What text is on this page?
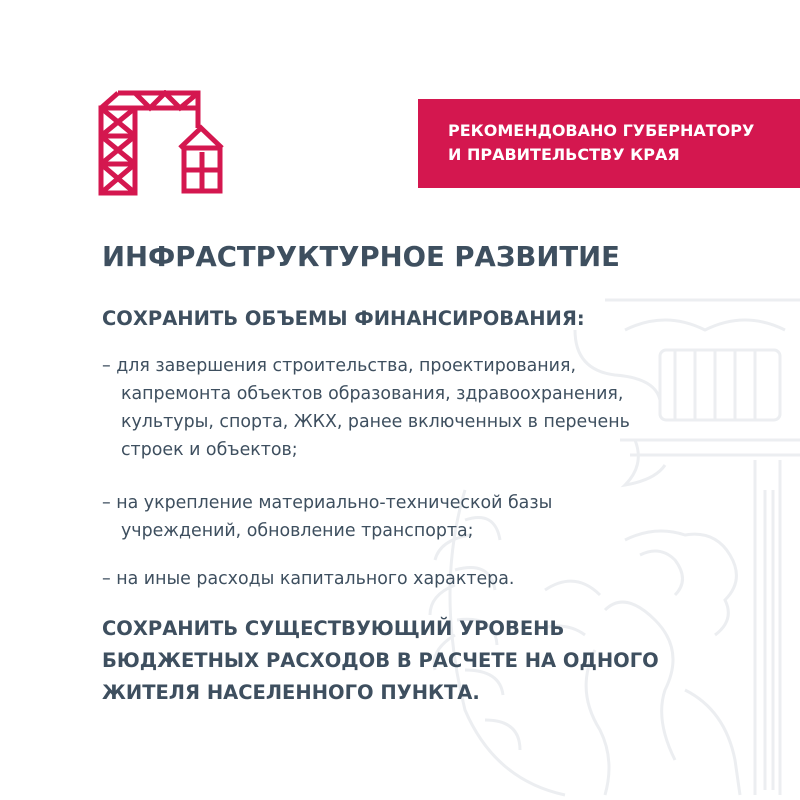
РЕКОМЕНДОВАНО ГУБЕРНАТОРУ
И ПРАВИТЕЛЬСТВУ КРАЯ
ИНФРАСТРУКТУРНОЕ РАЗВИТИЕ
СОХРАНИТЬ ОБЪЕМЫ ФИНАНСИРОВАНИЯ:
– для завершения строительства, проектирования,
капремонта объектов образования, здравоохранения,
культуры, спорта, ЖКХ, ранее включенных в перечень
строек и объектов;
– на укрепление материально-технической базы
учреждений, обновление транспорта;
– на иные расходы капитального характера.
СОХРАНИТЬ СУЩЕСТВУЮЩИЙ УРОВЕНЬ
БЮДЖЕТНЫХ РАСХОДОВ В РАСЧЕТЕ НА ОДНОГО
ЖИТЕЛЯ НАСЕЛЕННОГО ПУНКТА.
